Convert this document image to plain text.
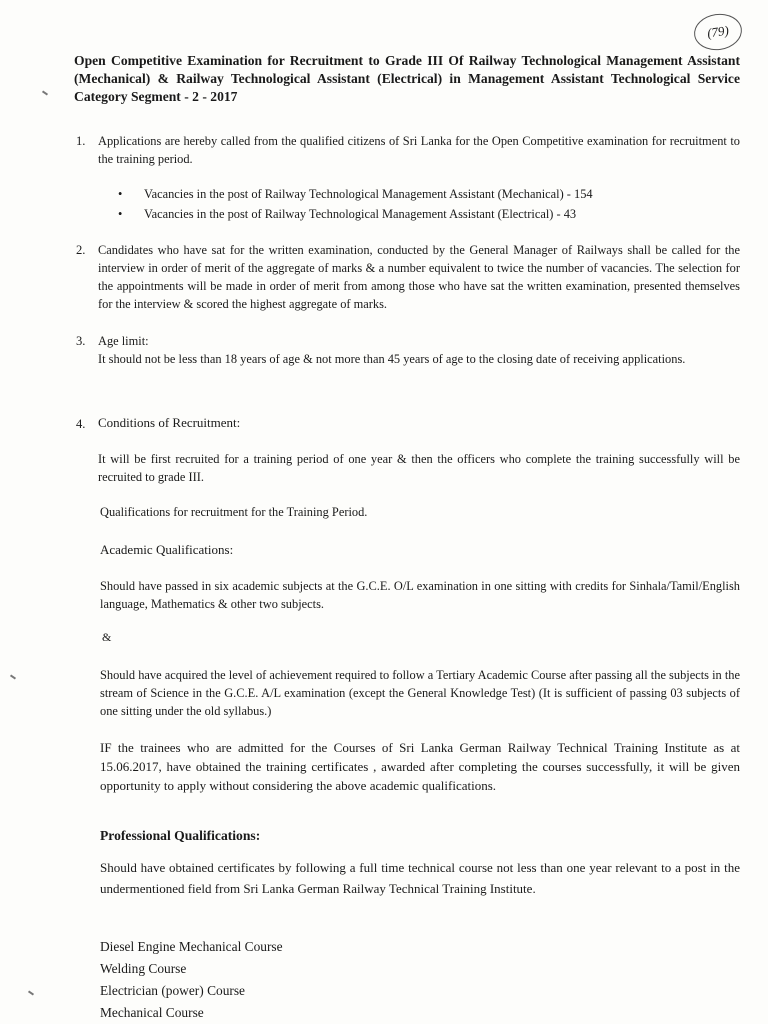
(79)
Open Competitive Examination for Recruitment to Grade III Of Railway Technological Management Assistant (Mechanical) & Railway Technological Assistant (Electrical) in Management Assistant Technological Service Category Segment - 2 - 2017
1. Applications are hereby called from the qualified citizens of Sri Lanka for the Open Competitive examination for recruitment to the training period.
• Vacancies in the post of Railway Technological Management Assistant (Mechanical) - 154
• Vacancies in the post of Railway Technological Management Assistant (Electrical) - 43
2. Candidates who have sat for the written examination, conducted by the General Manager of Railways shall be called for the interview in order of merit of the aggregate of marks & a number equivalent to twice the number of vacancies. The selection for the appointments will be made in order of merit from among those who have sat the written examination, presented themselves for the interview & scored the highest aggregate of marks.
3. Age limit:
It should not be less than 18 years of age & not more than 45 years of age to the closing date of receiving applications.
4. Conditions of Recruitment:
It will be first recruited for a training period of one year & then the officers who complete the training successfully will be recruited to grade III.
Qualifications for recruitment for the Training Period.
Academic Qualifications:
Should have passed in six academic subjects at the G.C.E. O/L examination in one sitting with credits for Sinhala/Tamil/English language, Mathematics & other two subjects.
&
Should have acquired the level of achievement required to follow a Tertiary Academic Course after passing all the subjects in the stream of Science in the G.C.E. A/L examination (except the General Knowledge Test) (It is sufficient of passing 03 subjects of one sitting under the old syllabus.)
IF the trainees who are admitted for the Courses of Sri Lanka German Railway Technical Training Institute as at 15.06.2017, have obtained the training certificates , awarded after completing the courses successfully, it will be given opportunity to apply without considering the above academic qualifications.
Professional Qualifications:
Should have obtained certificates by following a full time technical course not less than one year relevant to a post in the undermentioned field from Sri Lanka German Railway Technical Training Institute.
Diesel Engine Mechanical Course
Welding Course
Electrician (power) Course
Mechanical Course
